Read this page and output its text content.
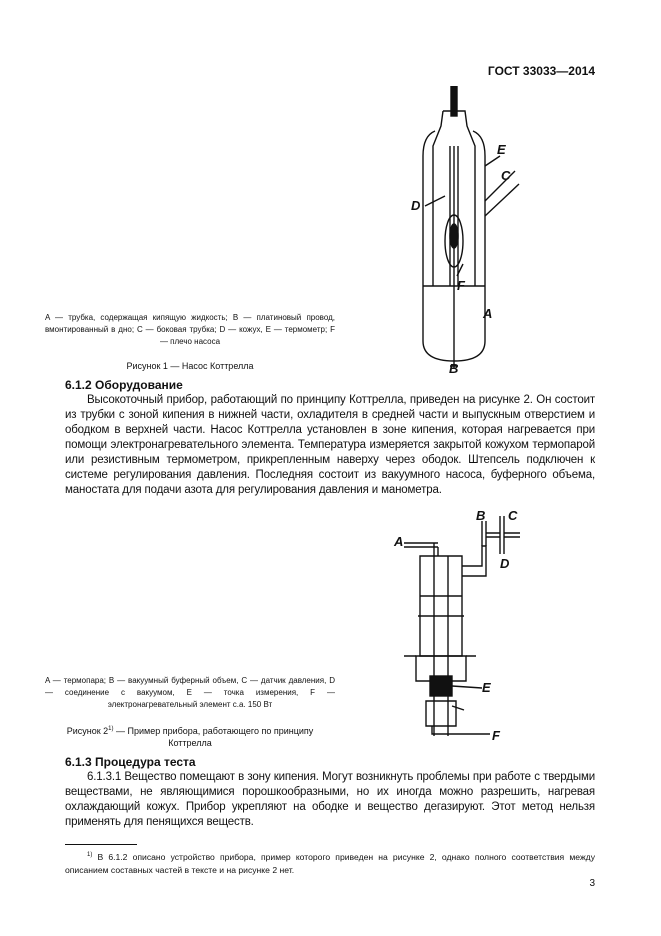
ГОСТ 33033—2014
A — трубка, содержащая кипящую жидкость; B — платиновый провод, вмонтированный в дно; C — боковая трубка; D — кожух, E — термометр; F — плечо насоса
Рисунок 1 — Насос Коттрелла
E
C
D
F
A
B
6.1.2 Оборудование
Высокоточный прибор, работающий по принципу Коттрелла, приведен на рисунке 2. Он состоит из трубки с зоной кипения в нижней части, охладителя в средней части и выпускным отверстием и ободком в верхней части. Насос Коттрелла установлен в зоне кипения, которая нагревается при помощи электронагревательного элемента. Температура измеряется закрытой кожухом термопарой или резистивным термометром, прикрепленным наверху через ободок. Штепсель подключен к системе регулирования давления. Последняя состоит из вакуумного насоса, буферного объема, маностата для подачи азота для регулирования давления и манометра.
A — термопара; B — вакуумный буферный объем, C — датчик давления, D — соединение с вакуумом, E — точка измерения, F — электронагревательный элемент с.а. 150 Вт
Рисунок 2$^{1)}$ — Пример прибора, работающего по принципу Коттрелла
A
B C
D
E
F
6.1.3 Процедура теста
6.1.3.1 Вещество помещают в зону кипения. Могут возникнуть проблемы при работе с твердыми веществами, не являющимися порошкообразными, но их иногда можно разрешить, нагревая охлаждающий кожух. Прибор укрепляют на ободке и вещество дегазируют. Этот метод нельзя применять для пенящихся веществ.
$^{1)}$ В 6.1.2 описано устройство прибора, пример которого приведен на рисунке 2, однако полного соответствия между описанием составных частей в тексте и на рисунке 2 нет.
3
